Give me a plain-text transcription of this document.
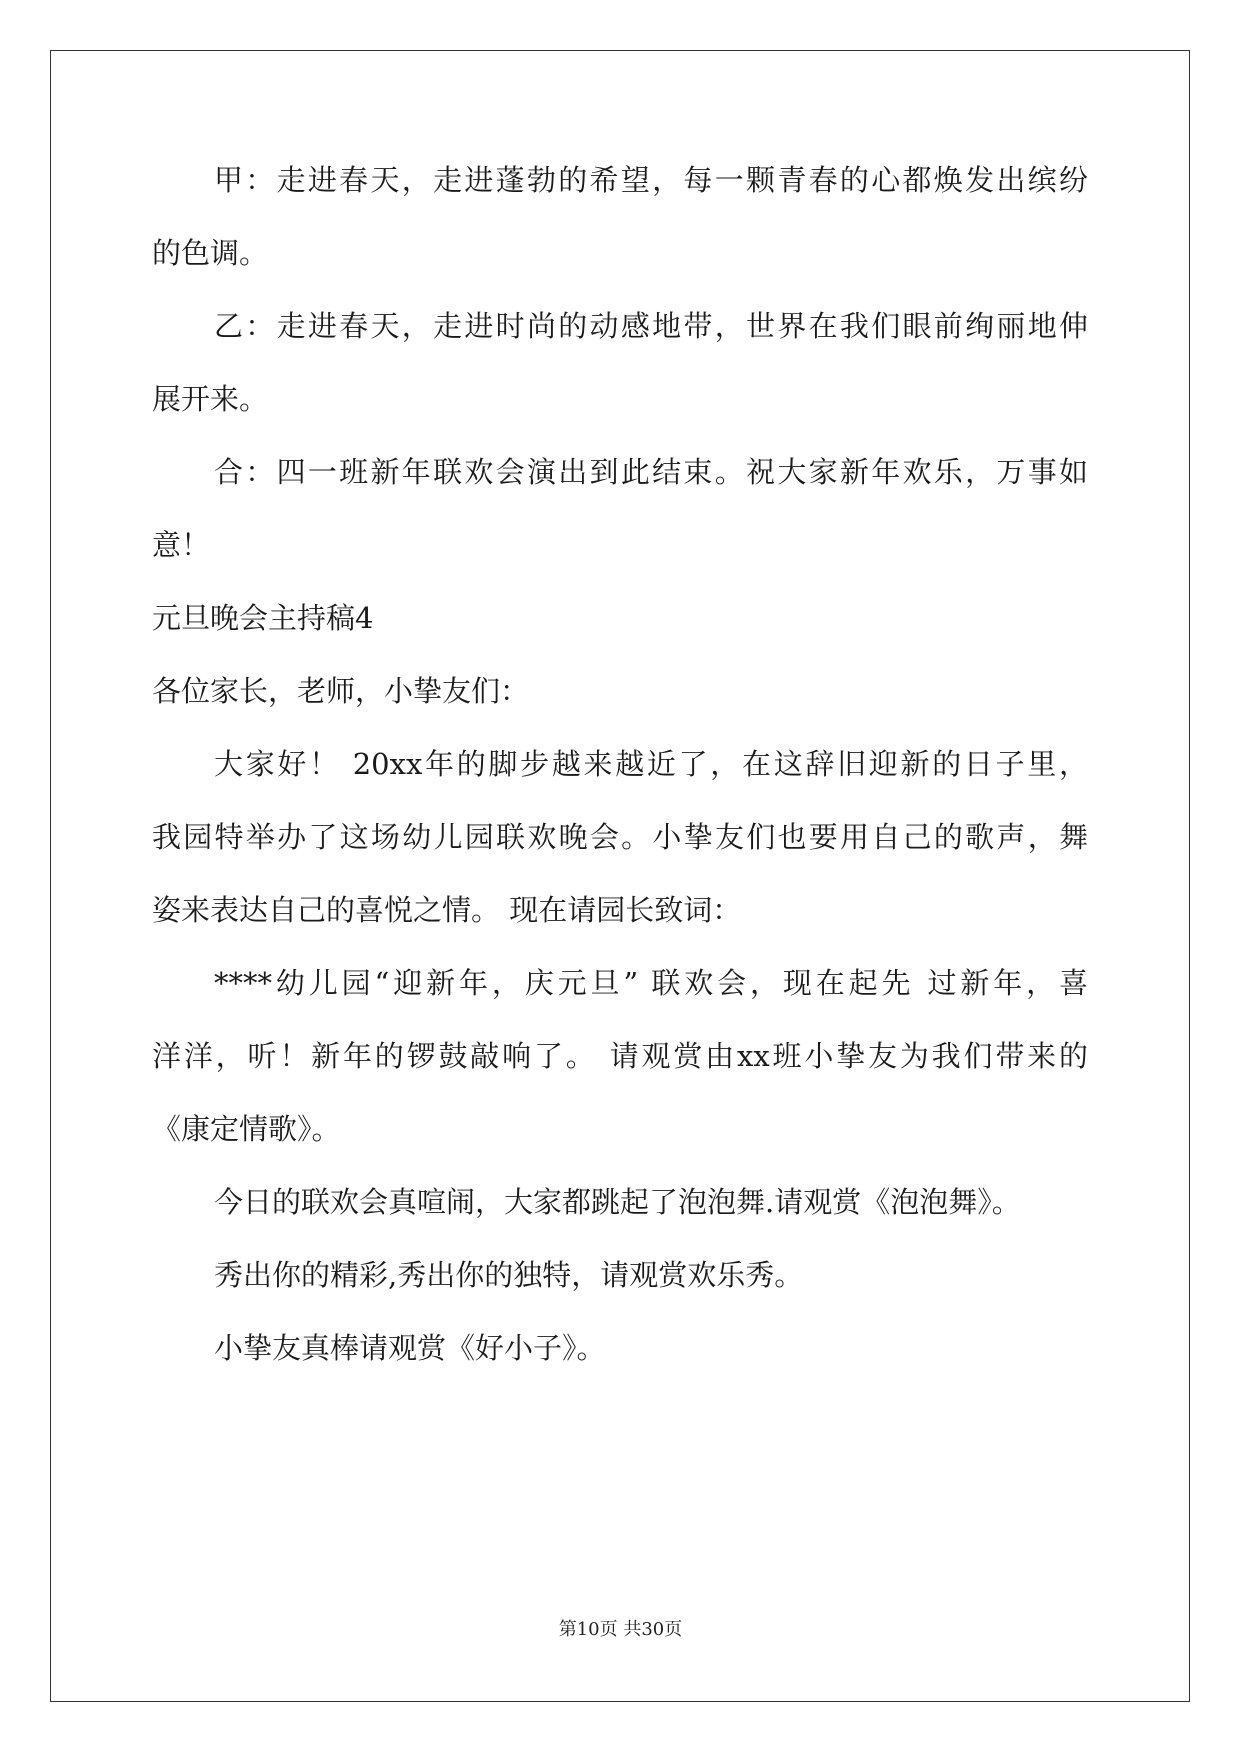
甲：走进春天，走进蓬勃的希望，每一颗青春的心都焕发出缤纷
的色调。
乙：走进春天，走进时尚的动感地带，世界在我们眼前绚丽地伸
展开来。
合：四一班新年联欢会演出到此结束。祝大家新年欢乐，万事如
意！
元旦晚会主持稿4
各位家长，老师，小挚友们：
大家好！ 20xx年的脚步越来越近了，在这辞旧迎新的日子里，
我园特举办了这场幼儿园联欢晚会。小挚友们也要用自己的歌声，舞
姿来表达自己的喜悦之情。 现在请园长致词：
****幼儿园“迎新年，庆元旦” 联欢会，现在起先 过新年，喜
洋洋，听！新年的锣鼓敲响了。 请观赏由xx班小挚友为我们带来的
《康定情歌》。
今日的联欢会真喧闹，大家都跳起了泡泡舞.请观赏《泡泡舞》。
秀出你的精彩,秀出你的独特，请观赏欢乐秀。
小挚友真棒请观赏《好小子》。
第10页 共30页
